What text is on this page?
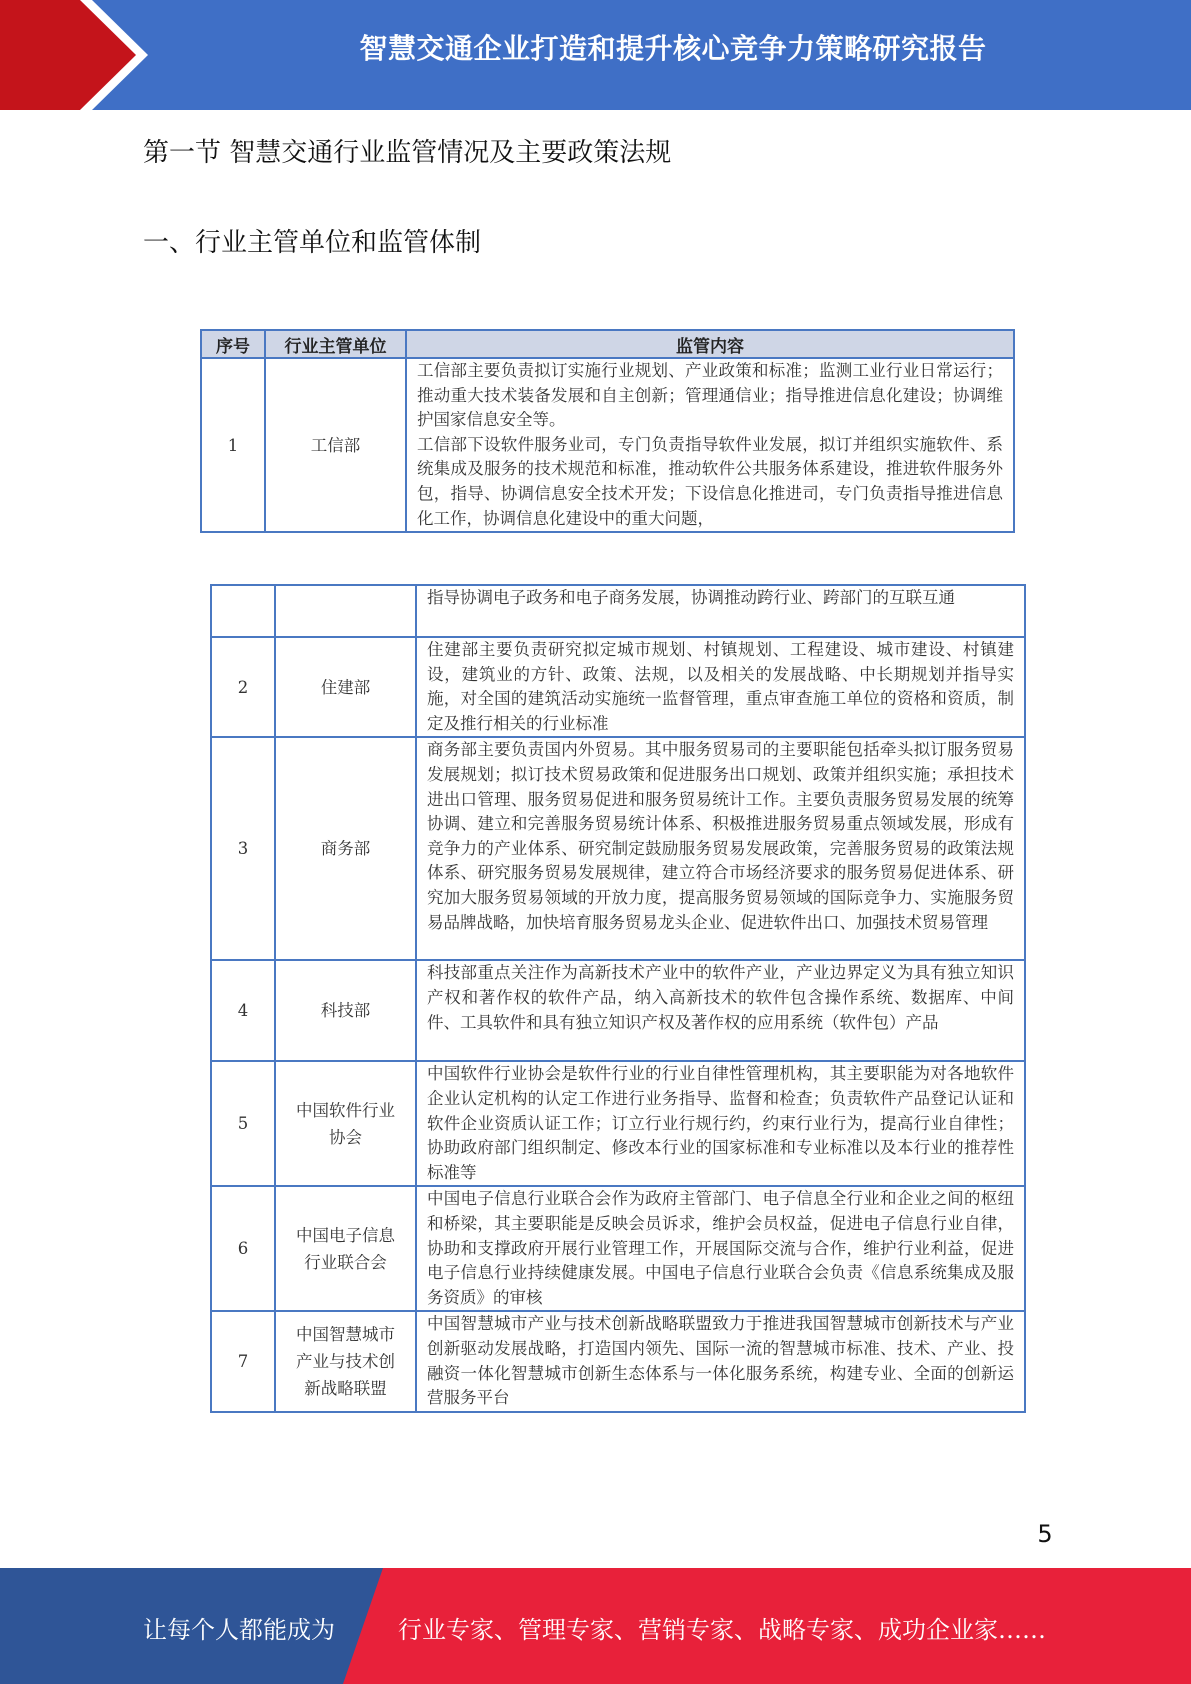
智慧交通企业打造和提升核心竞争力策略研究报告
第一节 智慧交通行业监管情况及主要政策法规
一、行业主管单位和监管体制
序号	行业主管单位	监管内容
1	工信部	工信部主要负责拟订实施行业规划、产业政策和标准；监测工业行业日常运行；推动重大技术装备发展和自主创新；管理通信业；指导推进信息化建设；协调维护国家信息安全等。
工信部下设软件服务业司，专门负责指导软件业发展，拟订并组织实施软件、系统集成及服务的技术规范和标准，推动软件公共服务体系建设，推进软件服务外包，指导、协调信息安全技术开发；下设信息化推进司，专门负责指导推进信息化工作，协调信息化建设中的重大问题，
		指导协调电子政务和电子商务发展，协调推动跨行业、跨部门的互联互通
2	住建部	住建部主要负责研究拟定城市规划、村镇规划、工程建设、城市建设、村镇建设，建筑业的方针、政策、法规，以及相关的发展战略、中长期规划并指导实施，对全国的建筑活动实施统一监督管理，重点审查施工单位的资格和资质，制定及推行相关的行业标准
3	商务部	商务部主要负责国内外贸易。其中服务贸易司的主要职能包括牵头拟订服务贸易发展规划；拟订技术贸易政策和促进服务出口规划、政策并组织实施；承担技术进出口管理、服务贸易促进和服务贸易统计工作。主要负责服务贸易发展的统筹协调、建立和完善服务贸易统计体系、积极推进服务贸易重点领域发展，形成有竞争力的产业体系、研究制定鼓励服务贸易发展政策，完善服务贸易的政策法规体系、研究服务贸易发展规律，建立符合市场经济要求的服务贸易促进体系、研究加大服务贸易领域的开放力度，提高服务贸易领域的国际竞争力、实施服务贸易品牌战略，加快培育服务贸易龙头企业、促进软件出口、加强技术贸易管理
4	科技部	科技部重点关注作为高新技术产业中的软件产业，产业边界定义为具有独立知识产权和著作权的软件产品，纳入高新技术的软件包含操作系统、数据库、中间件、工具软件和具有独立知识产权及著作权的应用系统（软件包）产品
5	中国软件行业协会	中国软件行业协会是软件行业的行业自律性管理机构，其主要职能为对各地软件企业认定机构的认定工作进行业务指导、监督和检查；负责软件产品登记认证和软件企业资质认证工作；订立行业行规行约，约束行业行为，提高行业自律性；协助政府部门组织制定、修改本行业的国家标准和专业标准以及本行业的推荐性标准等
6	中国电子信息行业联合会	中国电子信息行业联合会作为政府主管部门、电子信息全行业和企业之间的枢纽和桥梁，其主要职能是反映会员诉求，维护会员权益，促进电子信息行业自律，协助和支撑政府开展行业管理工作，开展国际交流与合作，维护行业利益，促进电子信息行业持续健康发展。中国电子信息行业联合会负责《信息系统集成及服务资质》的审核
7	中国智慧城市产业与技术创新战略联盟	中国智慧城市产业与技术创新战略联盟致力于推进我国智慧城市创新技术与产业创新驱动发展战略，打造国内领先、国际一流的智慧城市标准、技术、产业、投融资一体化智慧城市创新生态体系与一体化服务系统，构建专业、全面的创新运营服务平台
5
让每个人都能成为	行业专家、管理专家、营销专家、战略专家、成功企业家……
